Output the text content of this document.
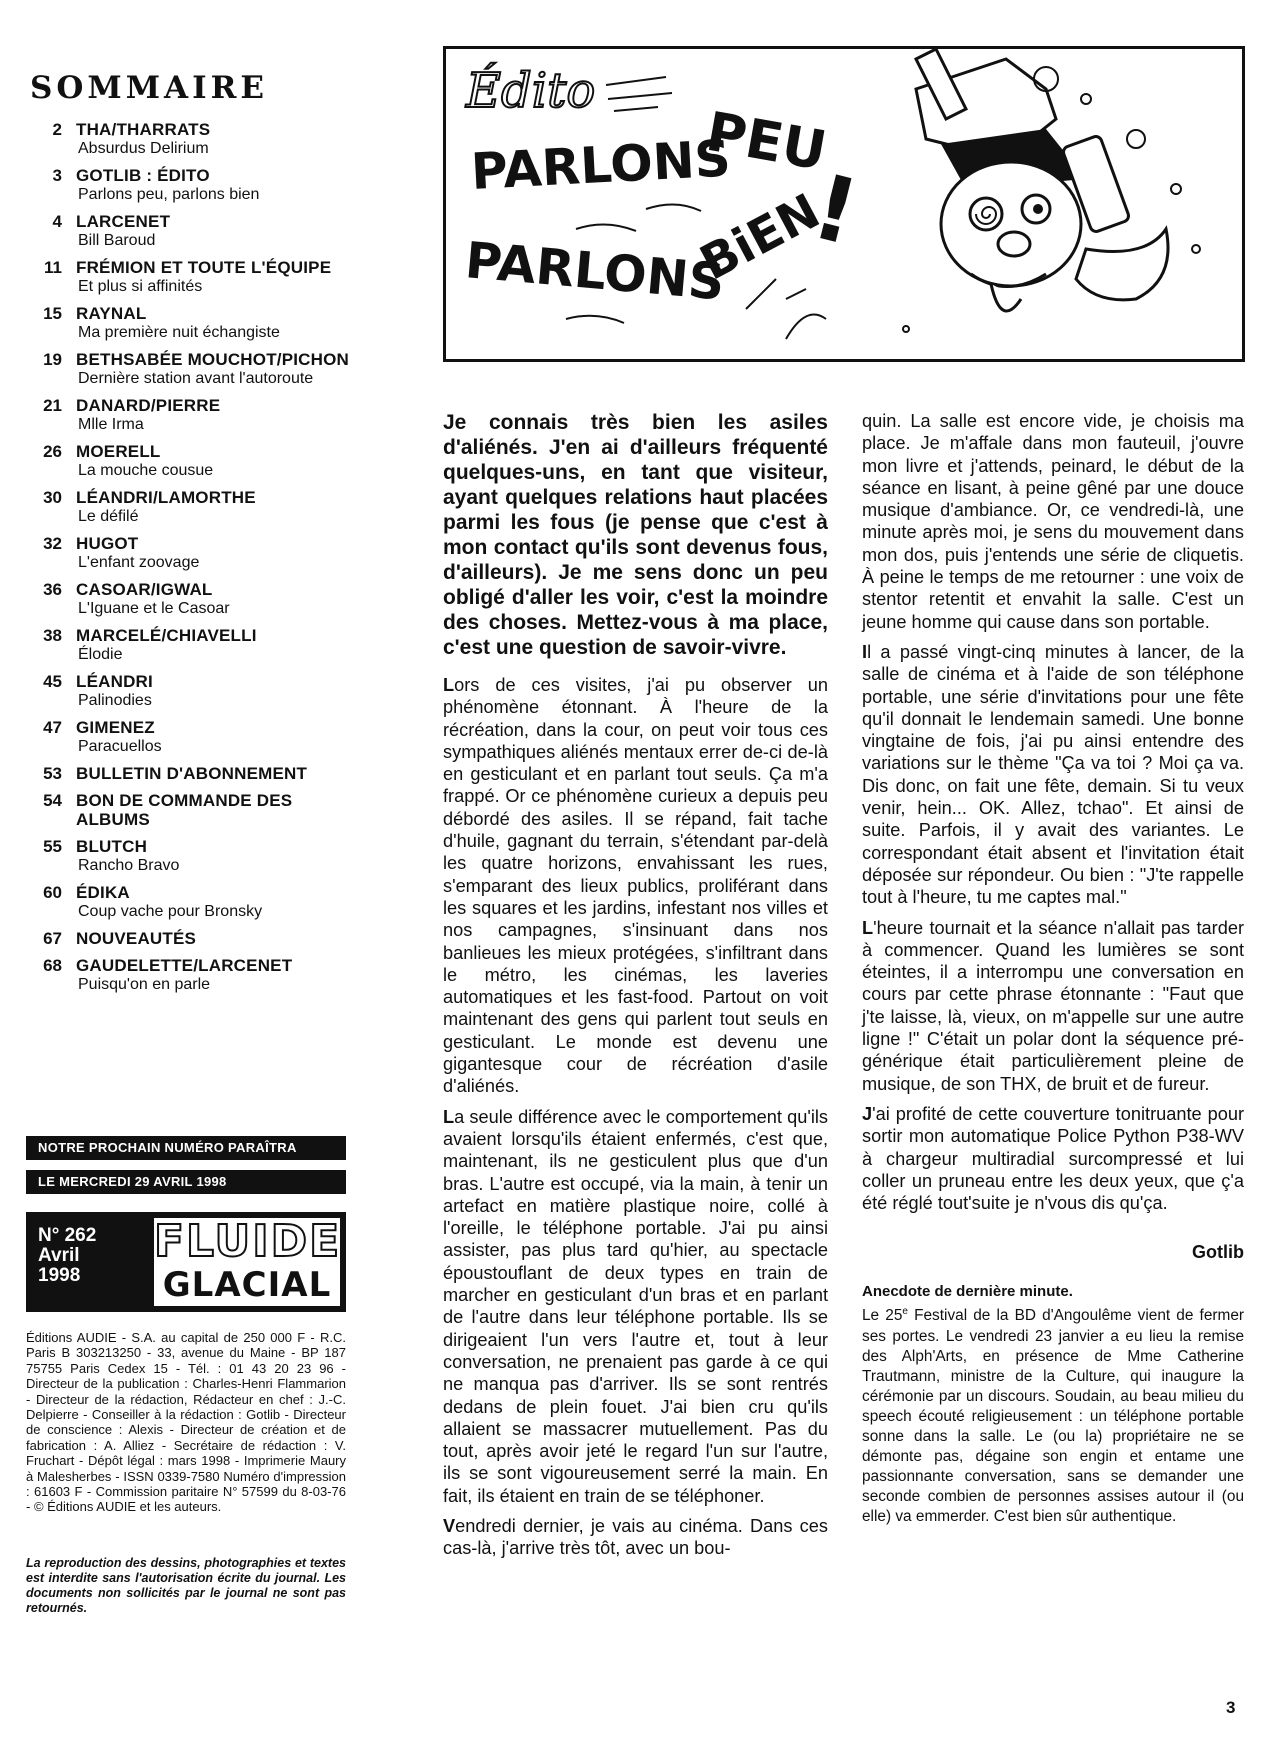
SOMMAIRE
2 THA/THARRATS
Absurdus Delirium
3 GOTLIB : ÉDITO
Parlons peu, parlons bien
4 LARCENET
Bill Baroud
11 FRÉMION ET TOUTE L'ÉQUIPE
Et plus si affinités
15 RAYNAL
Ma première nuit échangiste
19 BETHSABÉE MOUCHOT/PICHON
Dernière station avant l'autoroute
21 DANARD/PIERRE
Mlle Irma
26 MOERELL
La mouche cousue
30 LÉANDRI/LAMORTHE
Le défilé
32 HUGOT
L'enfant zoovage
36 CASOAR/IGWAL
L'Iguane et le Casoar
38 MARCELÉ/CHIAVELLI
Élodie
45 LÉANDRI
Palinodies
47 GIMENEZ
Paracuellos
53 BULLETIN D'ABONNEMENT
54 BON DE COMMANDE DES ALBUMS
55 BLUTCH
Rancho Bravo
60 ÉDIKA
Coup vache pour Bronsky
67 NOUVEAUTÉS
68 GAUDELETTE/LARCENET
Puisqu'on en parle
NOTRE PROCHAIN NUMÉRO PARAÎTRA
LE MERCREDI 29 AVRIL 1998
N° 262
Avril
1998
FLUIDE
GLACIAL
Éditions AUDIE - S.A. au capital de 250 000 F - R.C. Paris B 303213250 - 33, avenue du Maine - BP 187 75755 Paris Cedex 15 - Tél. : 01 43 20 23 96 - Directeur de la publication : Charles-Henri Flammarion - Directeur de la rédaction, Rédacteur en chef : J.-C. Delpierre - Conseiller à la rédaction : Gotlib - Directeur de conscience : Alexis - Directeur de création et de fabrication : A. Alliez - Secrétaire de rédaction : V. Fruchart - Dépôt légal : mars 1998 - Imprimerie Maury à Malesherbes - ISSN 0339-7580 Numéro d'impression : 61603 F - Commission paritaire N° 57599 du 8-03-76 - © Éditions AUDIE et les auteurs.
La reproduction des dessins, photographies et textes est interdite sans l'autorisation écrite du journal. Les documents non sollicités par le journal ne sont pas retournés.
Édito
PARLONS
PEU
PARLONS
BiEN
!

Je connais très bien les asiles d'aliénés. J'en ai d'ailleurs fréquenté quelques-uns, en tant que visiteur, ayant quelques relations haut placées parmi les fous (je pense que c'est à mon contact qu'ils sont devenus fous, d'ailleurs). Je me sens donc un peu obligé d'aller les voir, c'est la moindre des choses. Mettez-vous à ma place, c'est une question de savoir-vivre.

Lors de ces visites, j'ai pu observer un phénomène étonnant. À l'heure de la récréation, dans la cour, on peut voir tous ces sympathiques aliénés mentaux errer de-ci de-là en gesticulant et en parlant tout seuls. Ça m'a frappé. Or ce phénomène curieux a depuis peu débordé des asiles. Il se répand, fait tache d'huile, gagnant du terrain, s'étendant par-delà les quatre horizons, envahissant les rues, s'emparant des lieux publics, proliférant dans les squares et les jardins, infestant nos villes et nos campagnes, s'insinuant dans nos banlieues les mieux protégées, s'infiltrant dans le métro, les cinémas, les laveries automatiques et les fast-food. Partout on voit maintenant des gens qui parlent tout seuls en gesticulant. Le monde est devenu une gigantesque cour de récréation d'asile d'aliénés.

La seule différence avec le comportement qu'ils avaient lorsqu'ils étaient enfermés, c'est que, maintenant, ils ne gesticulent plus que d'un bras. L'autre est occupé, via la main, à tenir un artefact en matière plastique noire, collé à l'oreille, le téléphone portable. J'ai pu ainsi assister, pas plus tard qu'hier, au spectacle époustouflant de deux types en train de marcher en gesticulant d'un bras et en parlant de l'autre dans leur téléphone portable. Ils se dirigeaient l'un vers l'autre et, tout à leur conversation, ne prenaient pas garde à ce qui ne manqua pas d'arriver. Ils se sont rentrés dedans de plein fouet. J'ai bien cru qu'ils allaient se massacrer mutuellement. Pas du tout, après avoir jeté le regard l'un sur l'autre, ils se sont vigoureusement serré la main. En fait, ils étaient en train de se téléphoner.

Vendredi dernier, je vais au cinéma. Dans ces cas-là, j'arrive très tôt, avec un bou-

quin. La salle est encore vide, je choisis ma place. Je m'affale dans mon fauteuil, j'ouvre mon livre et j'attends, peinard, le début de la séance en lisant, à peine gêné par une douce musique d'ambiance. Or, ce vendredi-là, une minute après moi, je sens du mouvement dans mon dos, puis j'entends une série de cliquetis. À peine le temps de me retourner : une voix de stentor retentit et envahit la salle. C'est un jeune homme qui cause dans son portable.

Il a passé vingt-cinq minutes à lancer, de la salle de cinéma et à l'aide de son téléphone portable, une série d'invitations pour une fête qu'il donnait le lendemain samedi. Une bonne vingtaine de fois, j'ai pu ainsi entendre des variations sur le thème "Ça va toi ? Moi ça va. Dis donc, on fait une fête, demain. Si tu veux venir, hein... OK. Allez, tchao". Et ainsi de suite. Parfois, il y avait des variantes. Le correspondant était absent et l'invitation était déposée sur répondeur. Ou bien : "J'te rappelle tout à l'heure, tu me captes mal."

L'heure tournait et la séance n'allait pas tarder à commencer. Quand les lumières se sont éteintes, il a interrompu une conversation en cours par cette phrase étonnante : "Faut que j'te laisse, là, vieux, on m'appelle sur une autre ligne !" C'était un polar dont la séquence pré-générique était particulièrement pleine de musique, de son THX, de bruit et de fureur.

J'ai profité de cette couverture tonitruante pour sortir mon automatique Police Python P38-WV à chargeur multiradial surcompressé et lui coller un pruneau entre les deux yeux, que ç'a été réglé tout'suite je n'vous dis qu'ça.

Gotlib
Anecdote de dernière minute.

Le 25e Festival de la BD d'Angoulême vient de fermer ses portes. Le vendredi 23 janvier a eu lieu la remise des Alph'Arts, en présence de Mme Catherine Trautmann, ministre de la Culture, qui inaugure la cérémonie par un discours. Soudain, au beau milieu du speech écouté religieusement : un téléphone portable sonne dans la salle. Le (ou la) propriétaire ne se démonte pas, dégaine son engin et entame une passionnante conversation, sans se demander une seconde combien de personnes assises autour il (ou elle) va emmerder. C'est bien sûr authentique.

3
